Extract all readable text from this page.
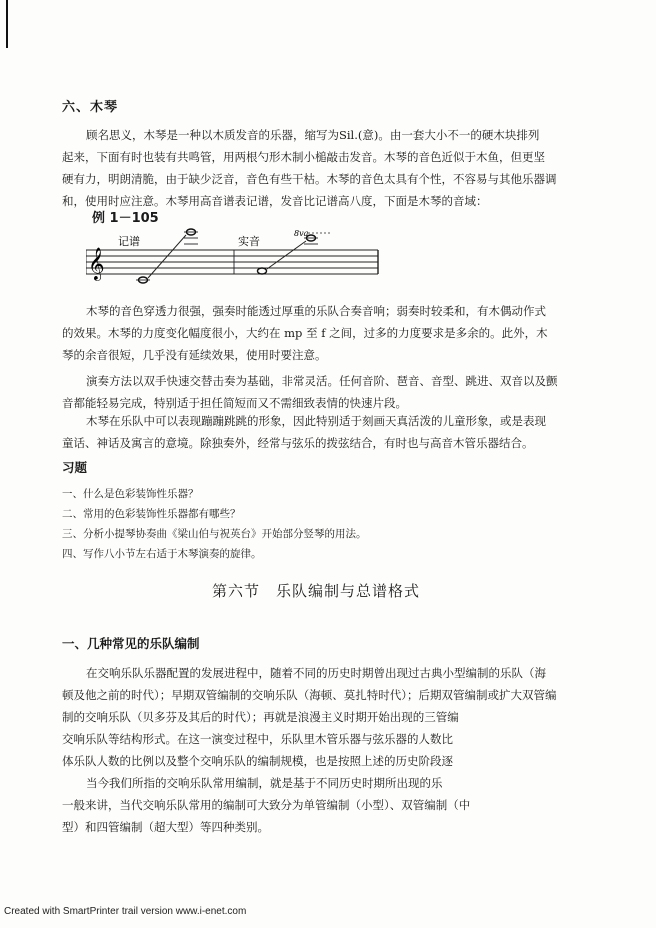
六、木琴

顾名思义，木琴是一种以木质发音的乐器，缩写为Sil.(意)。由一套大小不一的硬木块排列
起来，下面有时也装有共鸣管，用两根勺形木制小槌敲击发音。木琴的音色近似于木鱼，但更坚
硬有力，明朗清脆，由于缺少泛音，音色有些干枯。木琴的音色太具有个性，不容易与其他乐器调
和，使用时应注意。木琴用高音谱表记谱，发音比记谱高八度，下面是木琴的音域：

例 1－105
𝄞
记谱	实音
8va

木琴的音色穿透力很强，强奏时能透过厚重的乐队合奏音响；弱奏时较柔和，有木偶动作式
的效果。木琴的力度变化幅度很小，大约在 mp 至 f 之间，过多的力度要求是多余的。此外，木
琴的余音很短，几乎没有延续效果，使用时要注意。

演奏方法以双手快速交替击奏为基础，非常灵活。任何音阶、琶音、音型、跳进、双音以及颤
音都能轻易完成，特别适于担任简短而又不需细致表情的快速片段。

木琴在乐队中可以表现蹦蹦跳跳的形象，因此特别适于刻画天真活泼的儿童形象，或是表现
童话、神话及寓言的意境。除独奏外，经常与弦乐的拨弦结合，有时也与高音木管乐器结合。

习题
一、什么是色彩装饰性乐器？
二、常用的色彩装饰性乐器都有哪些？
三、分析小提琴协奏曲《梁山伯与祝英台》开始部分竖琴的用法。
四、写作八小节左右适于木琴演奏的旋律。
第六节　乐队编制与总谱格式
一、几种常见的乐队编制

在交响乐队乐器配置的发展进程中，随着不同的历史时期曾出现过古典小型编制的乐队（海
顿及他之前的时代）；早期双管编制的交响乐队（海顿、莫扎特时代）；后期双管编制或扩大双管编
制的交响乐队（贝多芬及其后的时代）；再就是浪漫主义时期开始出现的三管编
交响乐队等结构形式。在这一演变过程中，乐队里木管乐器与弦乐器的人数比
体乐队人数的比例以及整个交响乐队的编制规模，也是按照上述的历史阶段逐

当今我们所指的交响乐队常用编制，就是基于不同历史时期所出现的乐
一般来讲，当代交响乐队常用的编制可大致分为单管编制（小型）、双管编制（中
型）和四管编制（超大型）等四种类别。

Created with SmartPrinter trail version www.i-enet.com
